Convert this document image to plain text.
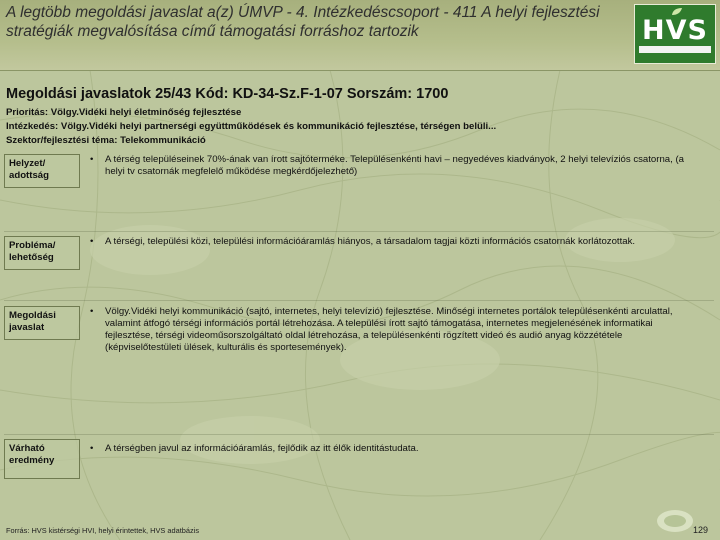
A legtöbb megoldási javaslat a(z) ÚMVP - 4. Intézkedéscsoport - 411 A helyi fejlesztési stratégiák megvalósítása című támogatási forráshoz tartozik	HVS
Megoldási javaslatok 25/43 Kód: KD-34-Sz.F-1-07 Sorszám: 1700
Prioritás: Völgy.Vidéki helyi életminőség fejlesztése
Intézkedés: Völgy.Vidéki helyi partnerségi együttműködések és kommunikáció fejlesztése, térségen belüli...
Szektor/fejlesztési téma: Telekommunikáció
Helyzet/ adottság
• A térség településeinek 70%-ának van írott sajtóterméke. Településenkénti havi – negyedéves kiadványok, 2 helyi televíziós csatorna, (a helyi tv csatornák megfelelő működése megkérdőjelezhető)
Probléma/ lehetőség
• A térségi, települési közi, települési információáramlás hiányos, a társadalom tagjai közti információs csatornák korlátozottak.
Megoldási javaslat
• Völgy.Vidéki helyi kommunikáció (sajtó, internetes, helyi televízió) fejlesztése. Minőségi internetes portálok településenkénti arculattal, valamint átfogó térségi információs portál létrehozása. A települési írott sajtó támogatása, internetes megjelenésének informatikai fejlesztése, térségi videoműsorszolgáltató oldal létrehozása, a településenkénti rögzített videó és audió anyag közzététele (képviselőtestületi ülések, kulturális és sportesemények).
Várható eredmény
• A térségben javul az információáramlás, fejlődik az itt élők identitástudata.
Forrás: HVS kistérségi HVI, helyi érintettek, HVS adatbázis	129
